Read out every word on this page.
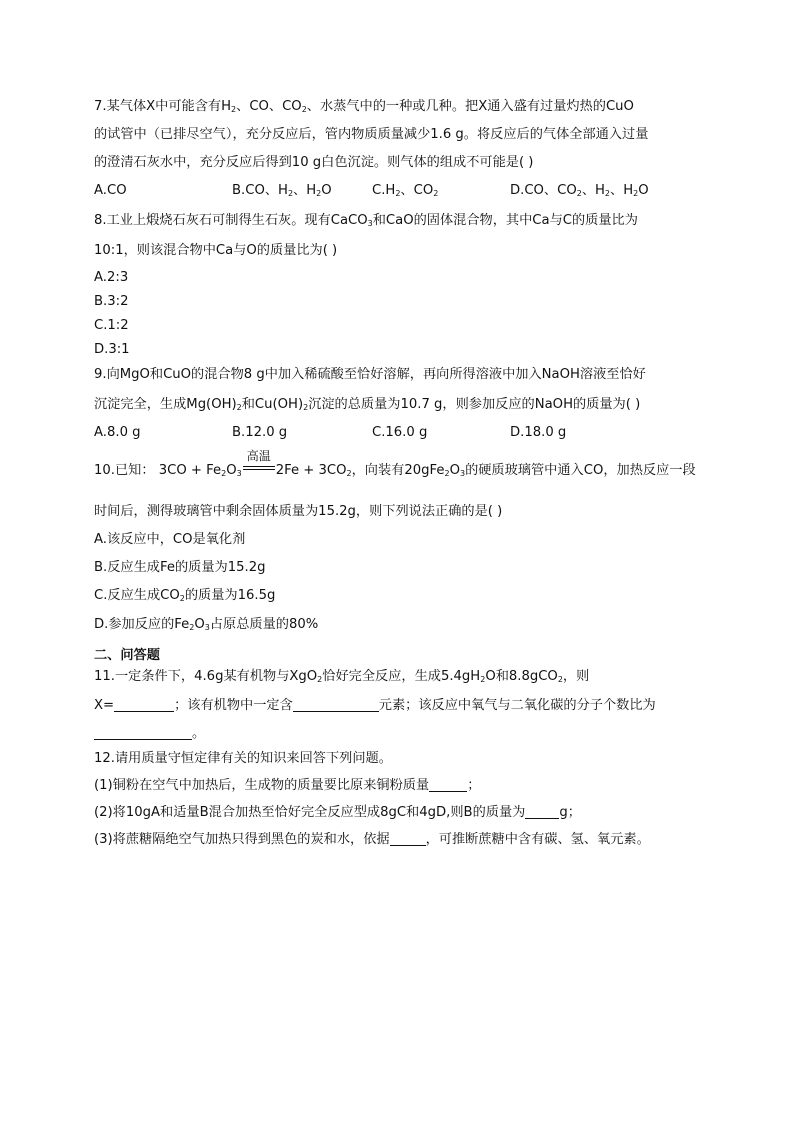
7.某气体X中可能含有$H_2$、CO、$CO_2$、水蒸气中的一种或几种。把X通入盛有过量灼热的CuO
的试管中（已排尽空气），充分反应后，管内物质质量减少1.6 g。将反应后的气体全部通入过量
的澄清石灰水中，充分反应后得到10 g白色沉淀。则气体的组成不可能是( )
A.CO	B.CO、$H_2$、$H_2O$	$C.H_2$、$CO_2$	D.CO、$CO_2$、$H_2$、$H_2O$
8.工业上煅烧石灰石可制得生石灰。现有CaCO$_3$和CaO的固体混合物，其中Ca与C的质量比为
10:1，则该混合物中Ca与O的质量比为( )
A.2:3
B.3:2
C.1:2
D.3:1
9.向MgO和CuO的混合物8 g中加入稀硫酸至恰好溶解，再向所得溶液中加入NaOH溶液至恰好
沉淀完全，生成$Mg(OH)_2$和$Cu(OH)_2$沉淀的总质量为10.7 g，则参加反应的NaOH的质量为( )
A.8.0 g	B.12.0 g	C.16.0 g	D.18.0 g
10.已知： $3CO + Fe_2O_3$
高温
$2Fe + 3CO_2$，向装有$20gFe_2O_3$的硬质玻璃管中通入CO，加热反应一段
时间后，测得玻璃管中剩余固体质量为15.2g，则下列说法正确的是( )
A.该反应中，CO是氧化剂
B.反应生成Fe的质量为15.2g
C.反应生成$CO_2$的质量为16.5g
D.参加反应的$Fe_2O_3$占原总质量的80%
二、问答题
11.一定条件下，4.6g某有机物与XgO$_2$恰好完全反应，生成$5.4gH_2O$和8.8gCO$_2$，则
X=	；该有机物中一定含	元素；该反应中氧气与二氧化碳的分子个数比为
。
12.请用质量守恒定律有关的知识来回答下列问题。
(1)铜粉在空气中加热后，生成物的质量要比原来铜粉质量	；
(2)将10gA和适量B混合加热至恰好完全反应型成8gC和4gD,则B的质量为	g；
(3)将蔗糖隔绝空气加热只得到黑色的炭和水，依据	，可推断蔗糖中含有碳、氢、氧元素。
